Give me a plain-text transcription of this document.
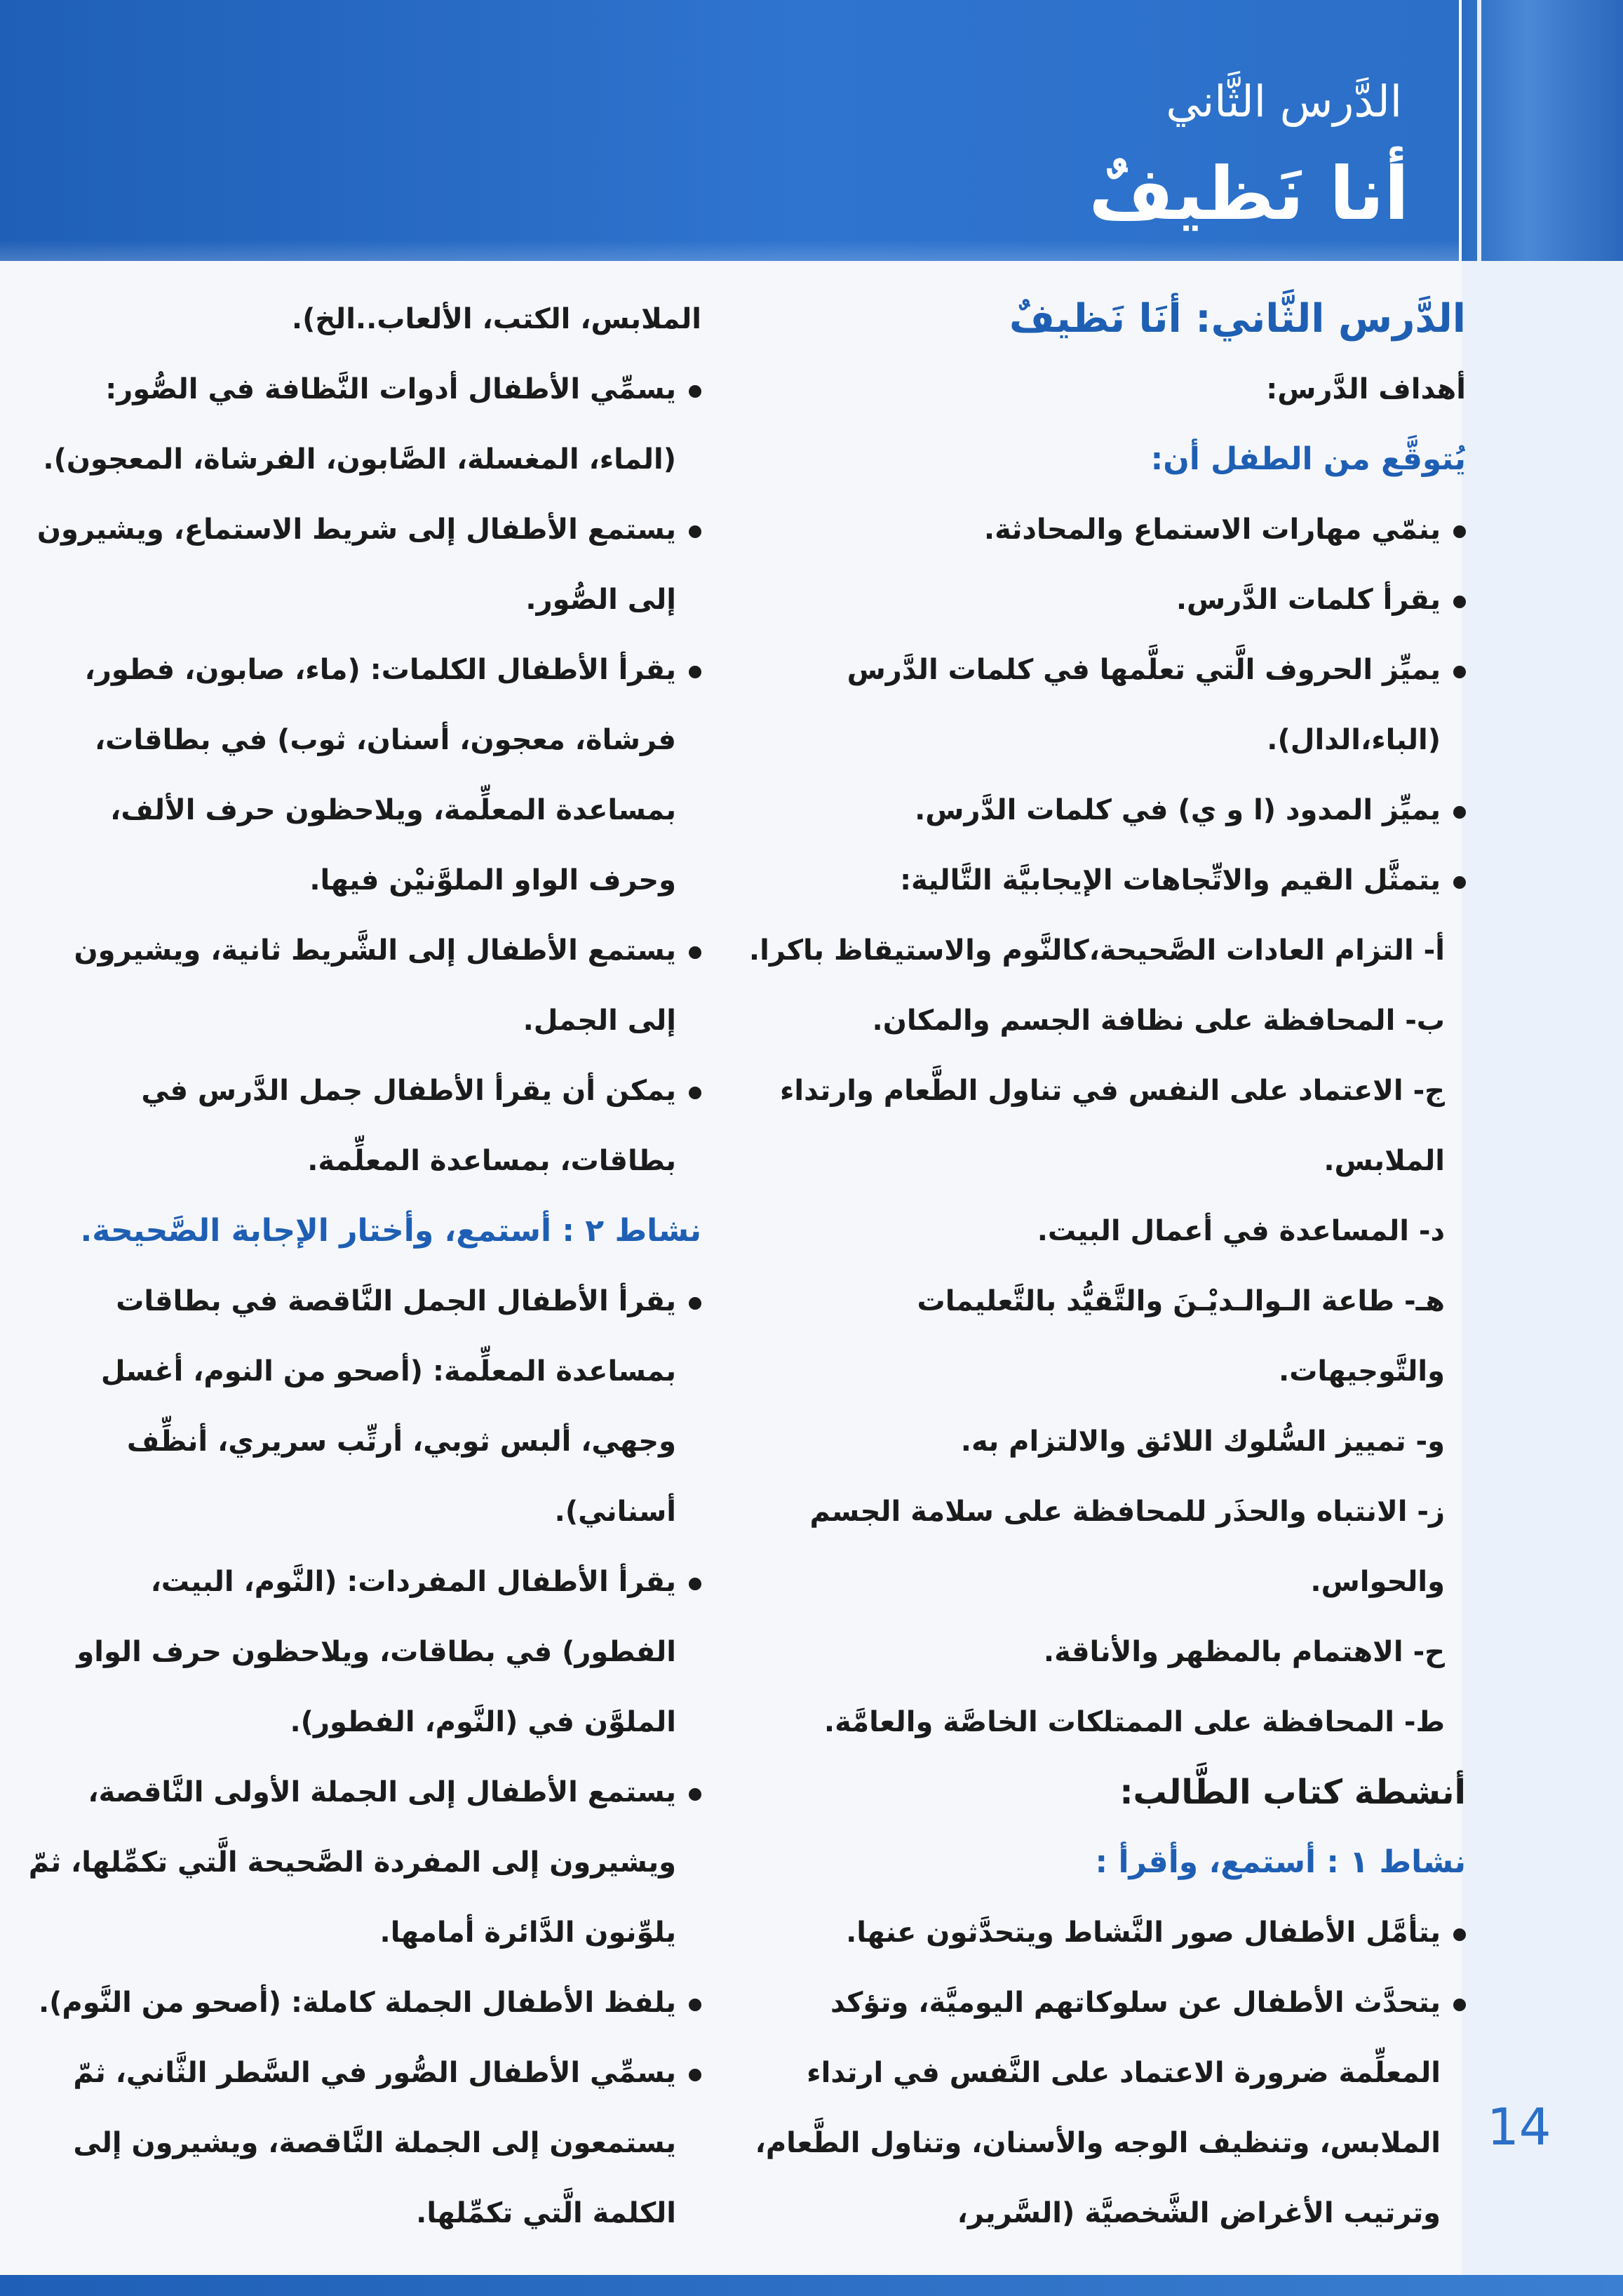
الدَّرس الثَّاني
أنا نَظيفٌ
14

الدَّرس الثَّاني: أنَا نَظيفٌ

أهداف الدَّرس:

يُتوقَّع من الطفل أن:

ينمّي مهارات الاستماع والمحادثة.

يقرأ كلمات الدَّرس.

يميِّز الحروف الَّتي تعلَّمها في كلمات الدَّرس (الباء،الدال).

يميِّز المدود (ا و ي) في كلمات الدَّرس.

يتمثَّل القيم والاتِّجاهات الإيجابيَّة التَّالية:

أ- التزام العادات الصَّحيحة،كالنَّوم والاستيقاظ باكرا.

ب- المحافظة على نظافة الجسم والمكان.

ج- الاعتماد على النفس في تناول الطَّعام وارتداء الملابس.

د- المساعدة في أعمال البيت.

هـ- طاعة الـوالـديْـنَ والتَّقيُّد بالتَّعليمات والتَّوجيهات.

و- تمييز السُّلوك اللائق والالتزام به.

ز- الانتباه والحذَر للمحافظة على سلامة الجسم والحواس.

ح- الاهتمام بالمظهر والأناقة.

ط- المحافظة على الممتلكات الخاصَّة والعامَّة.

أنشطة كتاب الطَّالب:

نشاط ١ : أستمع، وأقرأ :

يتأمَّل الأطفال صور النَّشاط ويتحدَّثون عنها.

يتحدَّث الأطفال عن سلوكاتهم اليوميَّة، وتؤكد المعلِّمة ضرورة الاعتماد على النَّفس في ارتداء الملابس، وتنظيف الوجه والأسنان، وتناول الطَّعام، وترتيب الأغراض الشَّخصيَّة (السَّرير،

الملابس، الكتب، الألعاب..الخ).

يسمِّي الأطفال أدوات النَّظافة في الصُّور: (الماء، المغسلة، الصَّابون، الفرشاة، المعجون).

يستمع الأطفال إلى شريط الاستماع، ويشيرون إلى الصُّور.

يقرأ الأطفال الكلمات: (ماء، صابون، فطور، فرشاة، معجون، أسنان، ثوب) في بطاقات، بمساعدة المعلِّمة، ويلاحظون حرف الألف، وحرف الواو الملوَّنيْن فيها.

يستمع الأطفال إلى الشَّريط ثانية، ويشيرون إلى الجمل.

يمكن أن يقرأ الأطفال جمل الدَّرس في بطاقات، بمساعدة المعلِّمة.

نشاط ٢ : أستمع، وأختار الإجابة الصَّحيحة.

يقرأ الأطفال الجمل النَّاقصة في بطاقات بمساعدة المعلِّمة: (أصحو من النوم، أغسل وجهي، ألبس ثوبي، أرتِّب سريري، أنظِّف أسناني).

يقرأ الأطفال المفردات: (النَّوم، البيت، الفطور) في بطاقات، ويلاحظون حرف الواو الملوَّن في (النَّوم، الفطور).

يستمع الأطفال إلى الجملة الأولى النَّاقصة، ويشيرون إلى المفردة الصَّحيحة الَّتي تكمِّلها، ثمّ يلوِّنون الدَّائرة أمامها.

يلفظ الأطفال الجملة كاملة: (أصحو من النَّوم).

يسمِّي الأطفال الصُّور في السَّطر الثَّاني، ثمّ يستمعون إلى الجملة النَّاقصة، ويشيرون إلى الكلمة الَّتي تكمِّلها.
